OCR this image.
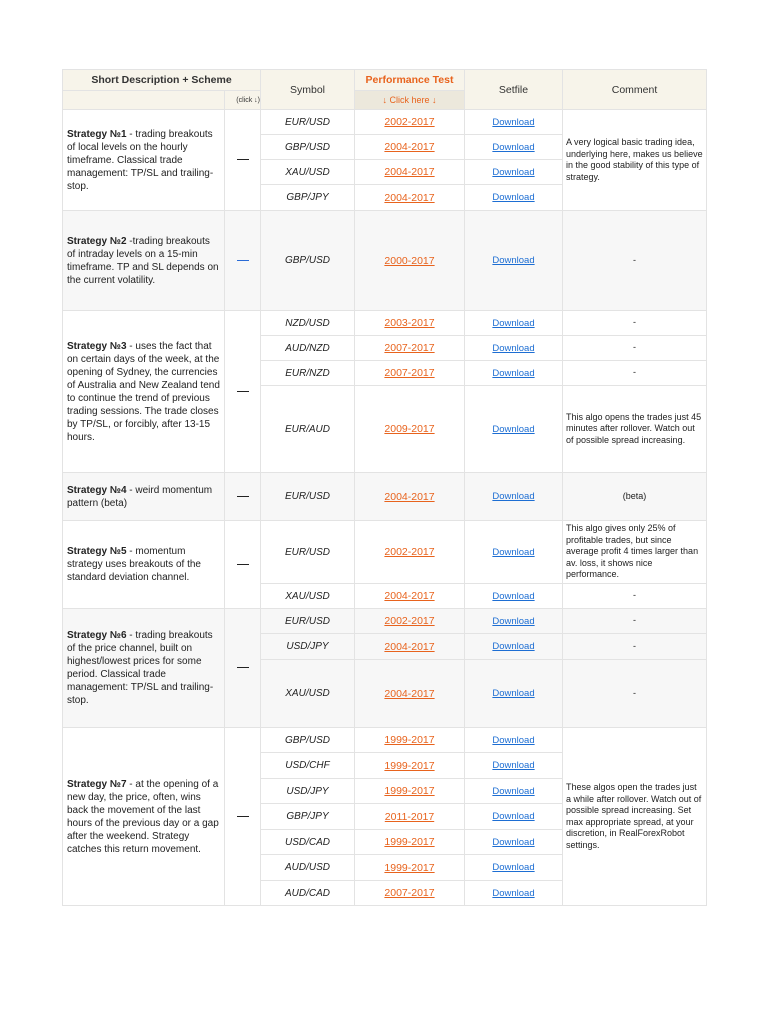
Short Description + Scheme		Symbol	Performance Test	Setfile	Comment
	(click ↓)		↓ Click here ↓		
Strategy №1 - trading breakouts of local levels on the hourly timeframe. Classical trade management: TP/SL and trailing-stop.		EUR/USD	2002-2017	Download	A very logical basic trading idea, underlying here, makes us believe in the good stability of this type of strategy.
		GBP/USD	2004-2017	Download	
		XAU/USD	2004-2017	Download	
		GBP/JPY	2004-2017	Download	
Strategy №2 -trading breakouts of intraday levels on a 15-min timeframe. TP and SL depends on the current volatility.		GBP/USD	2000-2017	Download	-
Strategy №3 - uses the fact that on certain days of the week, at the opening of Sydney, the currencies of Australia and New Zealand tend to continue the trend of previous trading sessions. The trade closes by TP/SL, or forcibly, after 13-15 hours.		NZD/USD	2003-2017	Download	-
		AUD/NZD	2007-2017	Download	-
		EUR/NZD	2007-2017	Download	-
		EUR/AUD	2009-2017	Download	This algo opens the trades just 45 minutes after rollover. Watch out of possible spread increasing.
Strategy №4 - weird momentum pattern (beta)		EUR/USD	2004-2017	Download	(beta)
Strategy №5 - momentum strategy uses breakouts of the standard deviation channel.		EUR/USD	2002-2017	Download	This algo gives only 25% of profitable trades, but since average profit 4 times larger than av. loss, it shows nice performance.
		XAU/USD	2004-2017	Download	-
Strategy №6 - trading breakouts of the price channel, built on highest/lowest prices for some period. Classical trade management: TP/SL and trailing-stop.		EUR/USD	2002-2017	Download	-
		USD/JPY	2004-2017	Download	-
		XAU/USD	2004-2017	Download	-
Strategy №7 - at the opening of a new day, the price, often, wins back the movement of the last hours of the previous day or a gap after the weekend. Strategy catches this return movement.		GBP/USD	1999-2017	Download	These algos open the trades just a while after rollover. Watch out of possible spread increasing. Set max appropriate spread, at your discretion, in RealForexRobot settings.
		USD/CHF	1999-2017	Download	
		USD/JPY	1999-2017	Download	
		GBP/JPY	2011-2017	Download	
		USD/CAD	1999-2017	Download	
		AUD/USD	1999-2017	Download	
		AUD/CAD	2007-2017	Download	
